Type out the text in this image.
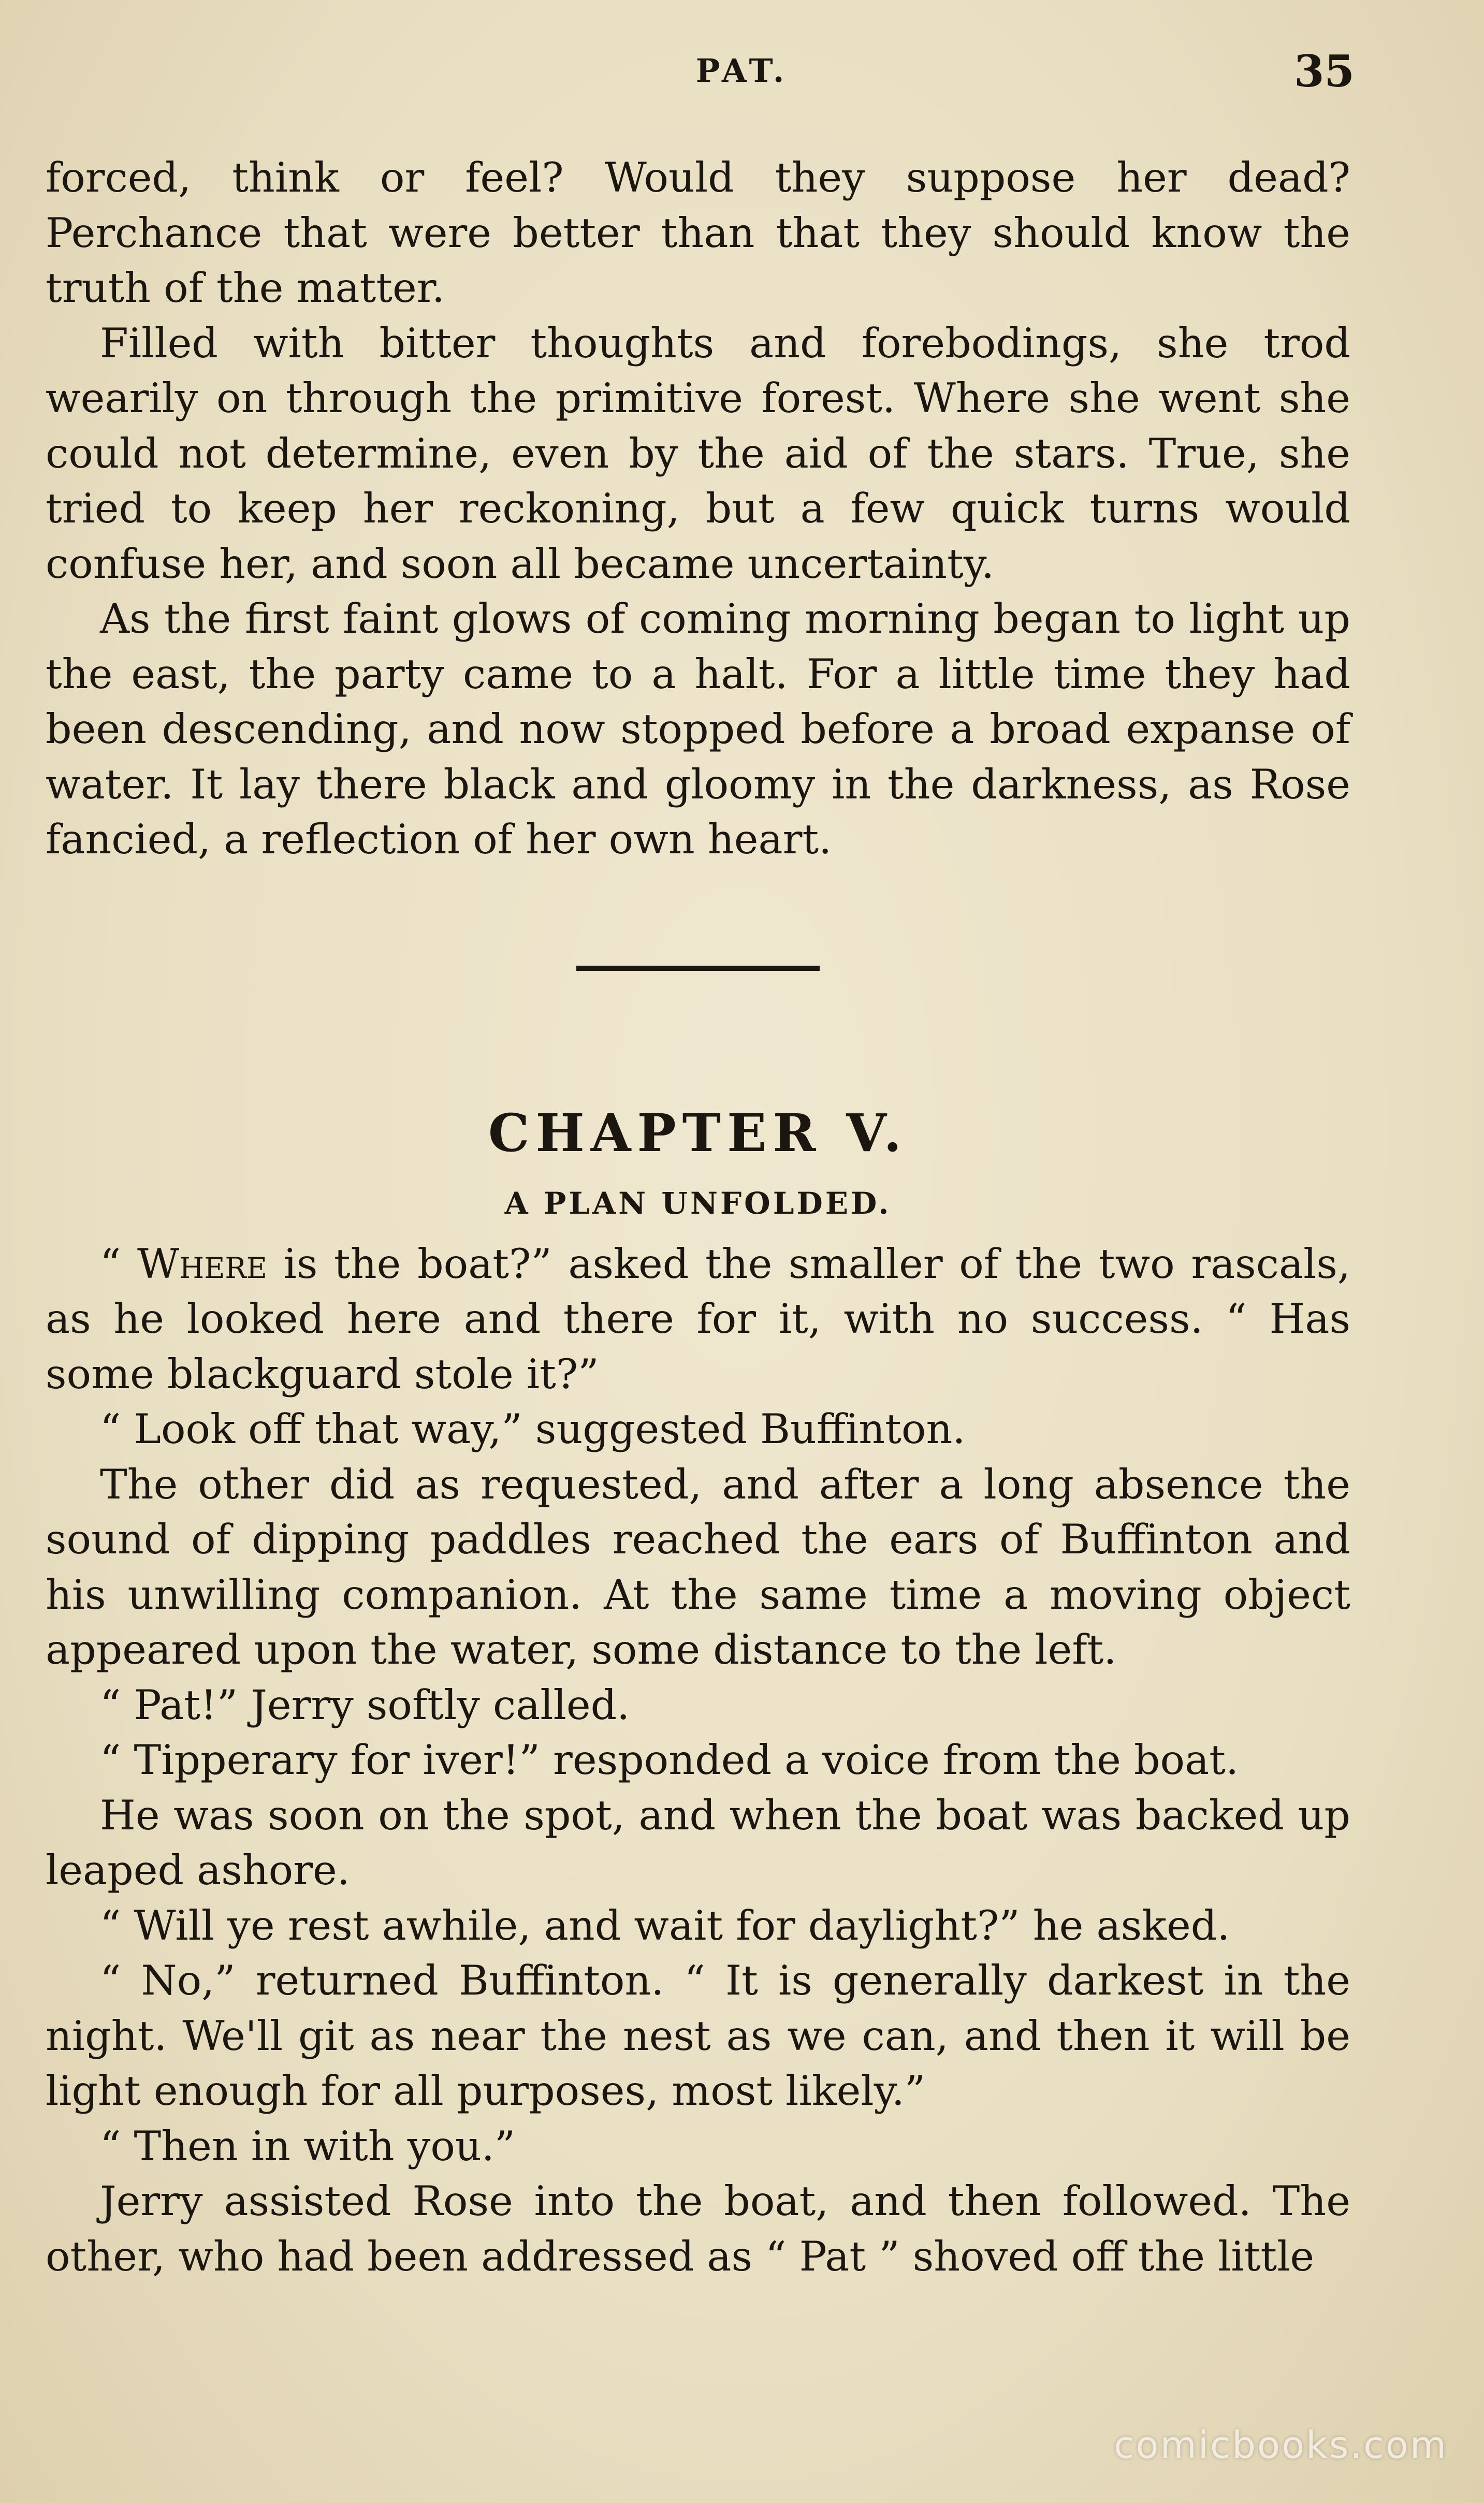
PAT.	35

forced, think or feel? Would they suppose her dead? Perchance that were better than that they should know the truth of the matter.

Filled with bitter thoughts and forebodings, she trod wearily on through the primitive forest. Where she went she could not determine, even by the aid of the stars. True, she tried to keep her reckoning, but a few quick turns would confuse her, and soon all became uncertainty.

As the first faint glows of coming morning began to light up the east, the party came to a halt. For a little time they had been descending, and now stopped before a broad expanse of water. It lay there black and gloomy in the darkness, as Rose fancied, a reflection of her own heart.

CHAPTER V.
A PLAN UNFOLDED.

“ Where is the boat?” asked the smaller of the two rascals, as he looked here and there for it, with no success. “ Has some blackguard stole it?”

“ Look off that way,” suggested Buffinton.

The other did as requested, and after a long absence the sound of dipping paddles reached the ears of Buffinton and his unwilling companion. At the same time a moving object appeared upon the water, some distance to the left.

“ Pat!” Jerry softly called.

“ Tipperary for iver!” responded a voice from the boat.

He was soon on the spot, and when the boat was backed up leaped ashore.

“ Will ye rest awhile, and wait for daylight?” he asked.

“ No,” returned Buffinton. “ It is generally darkest in the night. We'll git as near the nest as we can, and then it will be light enough for all purposes, most likely.”

“ Then in with you.”

Jerry assisted Rose into the boat, and then followed. The other, who had been addressed as “ Pat ” shoved off the little

comicbooks.com
